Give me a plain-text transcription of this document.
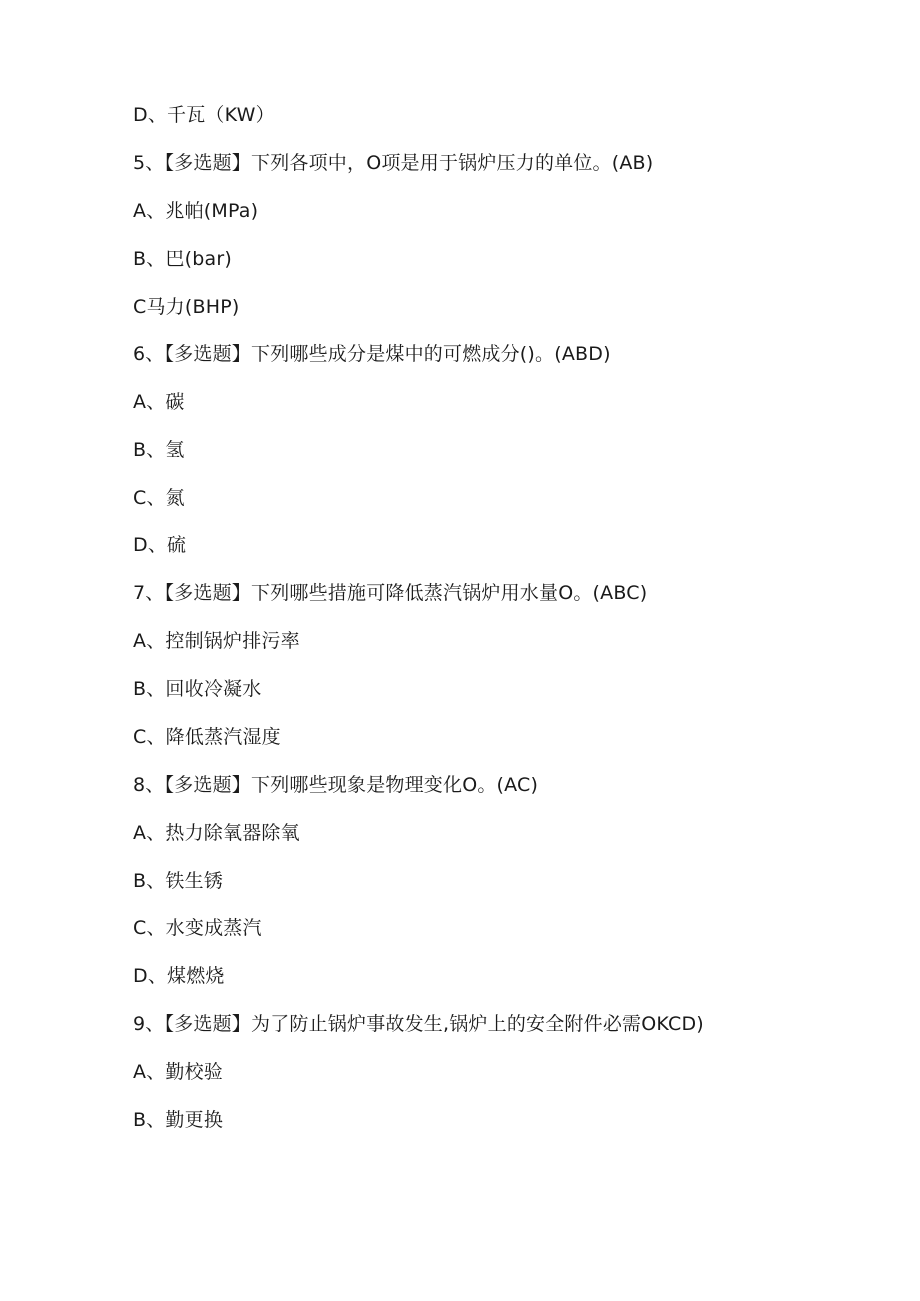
D、千瓦（KW）
5、【多选题】下列各项中，O项是用于锅炉压力的单位。(AB)
A、兆帕(MPa)
B、巴(bar)
C马力(BHP)
6、【多选题】下列哪些成分是煤中的可燃成分()。(ABD)
A、碳
B、氢
C、氮
D、硫
7、【多选题】下列哪些措施可降低蒸汽锅炉用水量O。(ABC)
A、控制锅炉排污率
B、回收冷凝水
C、降低蒸汽湿度
8、【多选题】下列哪些现象是物理变化O。(AC)
A、热力除氧器除氧
B、铁生锈
C、水变成蒸汽
D、煤燃烧
9、【多选题】为了防止锅炉事故发生,锅炉上的安全附件必需OKCD)
A、勤校验
B、勤更换
